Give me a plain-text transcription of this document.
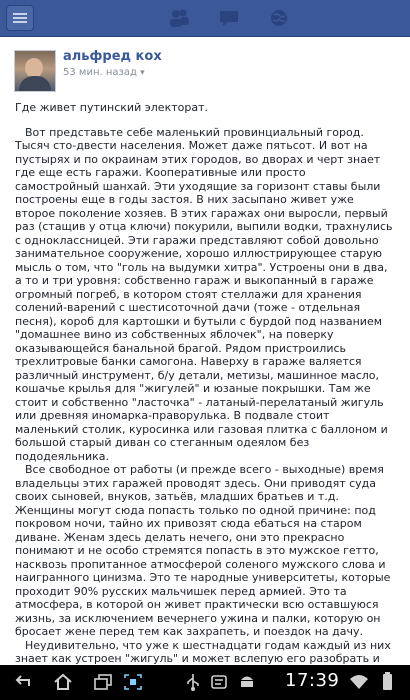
альфред кох
53 мин. назад ▾

Где живет путинский электорат.

Вот представьте себе маленький провинциальный город. Тысяч сто-двести населения. Может даже пятьсот. И вот на пустырях и по окраинам этих городов, во дворах и черт знает где еще есть гаражи. Кооперативные или просто самостройный шанхай. Эти уходящие за горизонт ставы были построены еще в годы застоя. В них засыпано живет уже второе поколение хозяев. В этих гаражах они выросли, первый раз (стащив у отца ключи) покурили, выпили водки, трахнулись с одноклассницей. Эти гаражи представляют собой довольно занимательное сооружение, хорошо иллюстрирующее старую мысль о том, что "голь на выдумки хитра". Устроены они в два, а то и три уровня: собственно гараж и выкопанный в гараже огромный погреб, в котором стоят стеллажи для хранения солений-варений с шестисоточной дачи (тоже - отдельная песня), короб для картошки и бутыли с бурдой под названием "домашнее вино из собственных яблочек", на поверку оказывающейся банальной брагой. Рядом пристроились трехлитровые банки самогона. Наверху в гараже валяется различный инструмент, б/у детали, метизы, машинное масло, кошачье крылья для "жигулей" и юзаные покрышки. Там же стоит и собственно "ласточка" - латаный-перелатаный жигуль или древняя иномарка-праворулька. В подвале стоит маленький столик, куросинка или газовая плитка с баллоном и большой старый диван со стеганным одеялом без пододеяльника.

Все свободное от работы (и прежде всего - выходные) время владельцы этих гаражей проводят здесь. Они приводят суда своих сыновей, внуков, затьёв, младших братьев и т.д. Женщины могут сюда попасть только по одной причине: под покровом ночи, тайно их привозят сюда ебаться на старом диване. Женам здесь делать нечего, они это прекрасно понимают и не особо стремятся попасть в это мужское гетто, насквозь пропитанное атмосферой соленого мужского слова и наигранного цинизма. Это те народные университеты, которые проходит 90% русских мальчишек перед армией. Это та атмосфера, в которой он живет практически всю оставшуюся жизнь, за исключением вечернего ужина и палки, которую он бросает жене перед тем как захрапеть, и поездок на дачу.

Неудивительно, что уже к шестнадцати годам каждый из них знает как устроен "жигуль" и может вслепую его разобрать и

17:39
